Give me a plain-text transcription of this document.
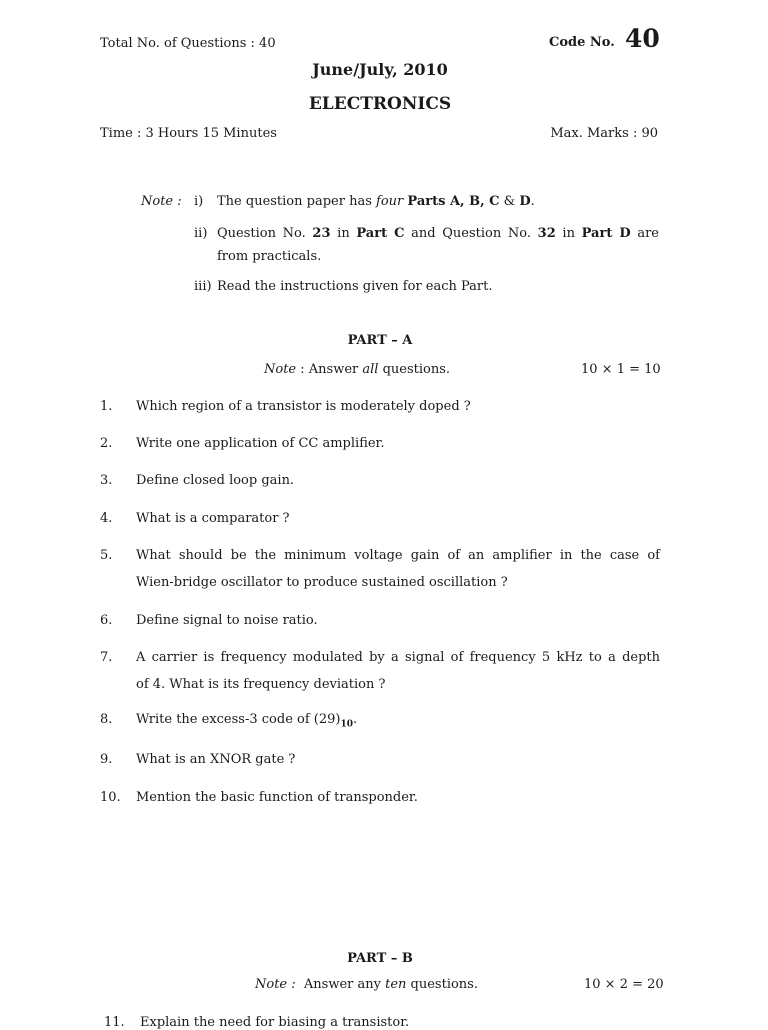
Total No. of Questions : 40	Code No. 40
June/July, 2010
ELECTRONICS
Time : 3 Hours 15 Minutes	Max. Marks : 90
Note : i) The question paper has four Parts A, B, C & D.
ii) Question No. 23 in Part C and Question No. 32 in Part D are
from practicals.
iii) Read the instructions given for each Part.
PART – A
Note : Answer all questions.	10 × 1 = 10
1. Which region of a transistor is moderately doped ?
2. Write one application of CC amplifier.
3. Define closed loop gain.
4. What is a comparator ?
5. What should be the minimum voltage gain of an amplifier in the case of
Wien-bridge oscillator to produce sustained oscillation ?
6. Define signal to noise ratio.
7. A carrier is frequency modulated by a signal of frequency 5 kHz to a depth
of 4. What is its frequency deviation ?
8. Write the excess-3 code of $(29)_{10}$.
9. What is an XNOR gate ?
10. Mention the basic function of transponder.
PART – B
Note :  Answer any ten questions.	10 × 2 = 20
11. Explain the need for biasing a transistor.
